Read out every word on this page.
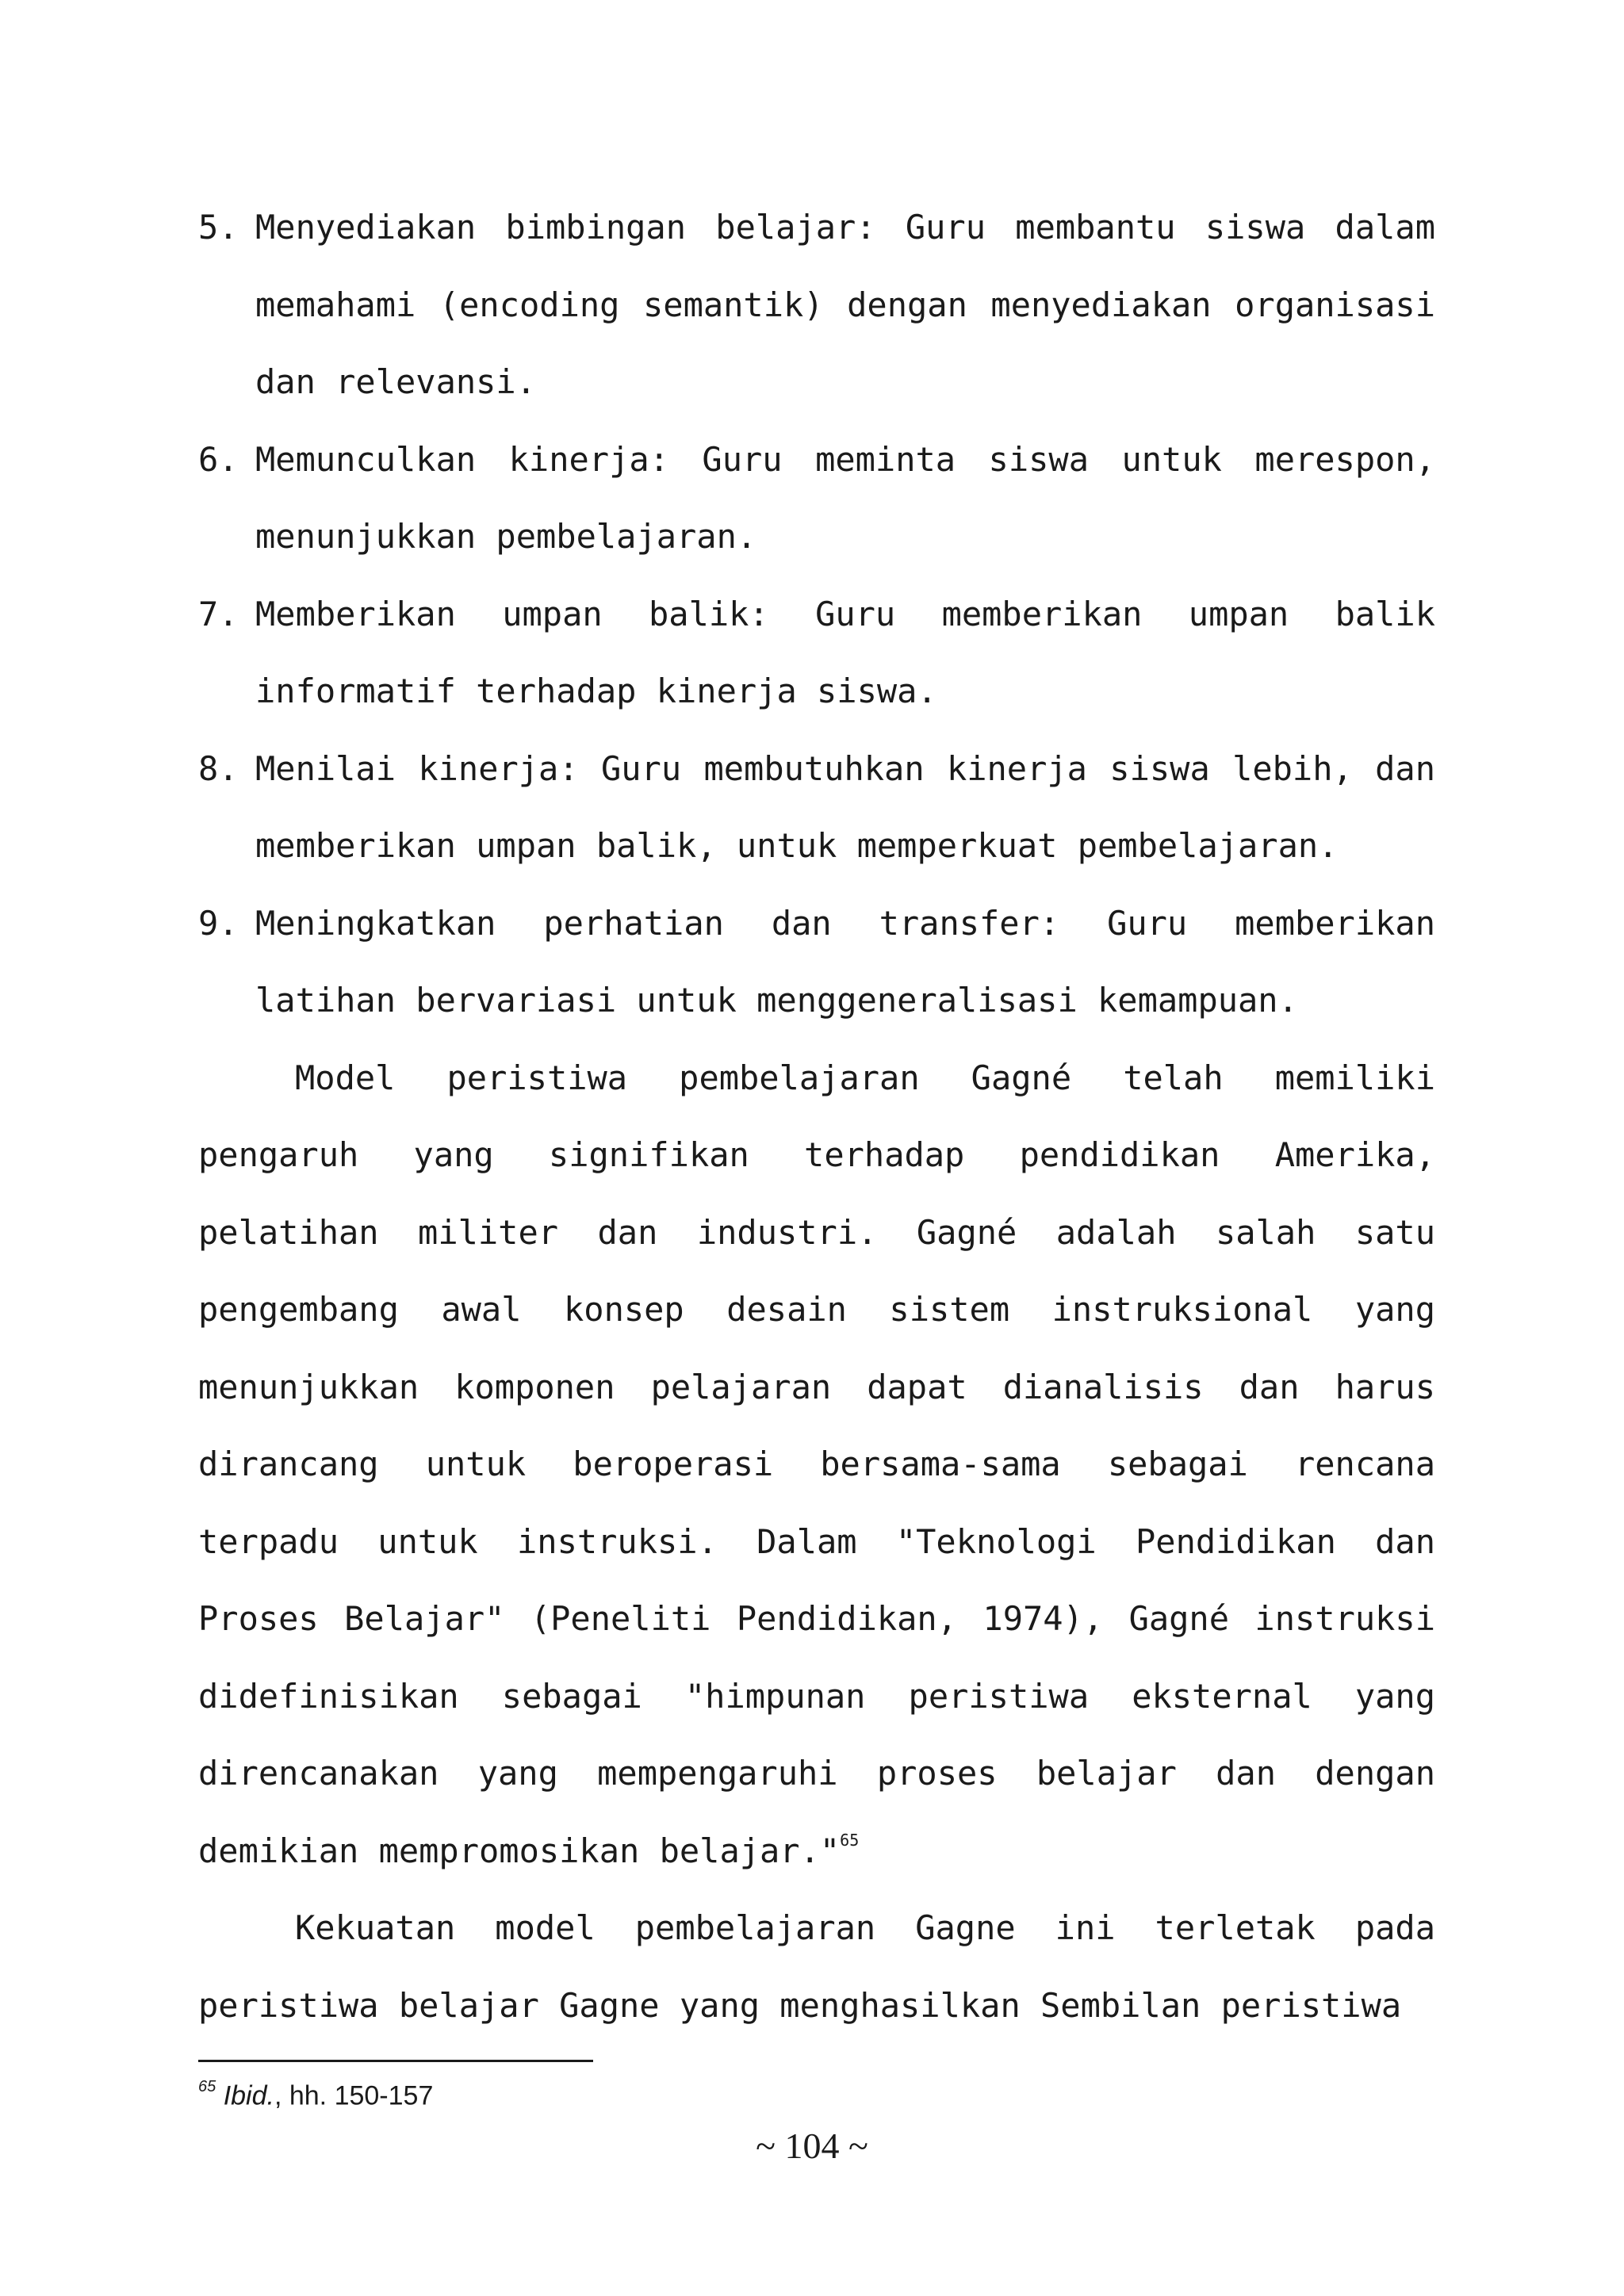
5. Menyediakan bimbingan belajar: Guru membantu siswa dalam memahami (encoding semantik) dengan menyediakan organisasi dan relevansi.

6. Memunculkan kinerja: Guru meminta siswa untuk merespon, menunjukkan pembelajaran.

7. Memberikan umpan balik: Guru memberikan umpan balik informatif terhadap kinerja siswa.

8. Menilai kinerja: Guru membutuhkan kinerja siswa lebih, dan memberikan umpan balik, untuk memperkuat pembelajaran.

9. Meningkatkan perhatian dan transfer: Guru memberikan latihan bervariasi untuk menggeneralisasi kemampuan.

Model peristiwa pembelajaran Gagné telah memiliki pengaruh yang signifikan terhadap pendidikan Amerika, pelatihan militer dan industri. Gagné adalah salah satu pengembang awal konsep desain sistem instruksional yang menunjukkan komponen pelajaran dapat dianalisis dan harus dirancang untuk beroperasi bersama-sama sebagai rencana terpadu untuk instruksi. Dalam "Teknologi Pendidikan dan Proses Belajar" (Peneliti Pendidikan, 1974), Gagné instruksi didefinisikan sebagai "himpunan peristiwa eksternal yang direncanakan yang mempengaruhi proses belajar dan dengan demikian mempromosikan belajar."$^{65}$

Kekuatan model pembelajaran Gagne ini terletak pada peristiwa belajar Gagne yang menghasilkan Sembilan peristiwa

$^{65}$ Ibid., hh. 150-157
~ 104 ~
